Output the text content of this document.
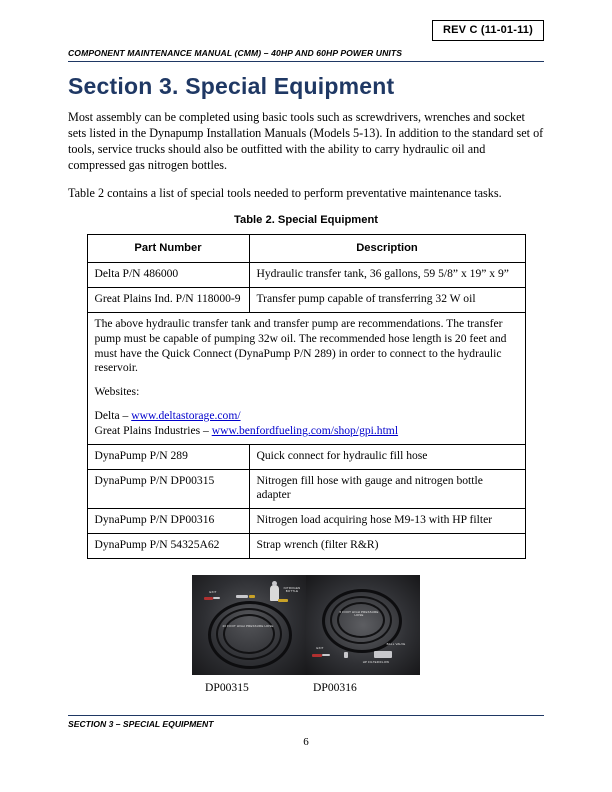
REV C (11-01-11)
COMPONENT MAINTENANCE MANUAL (CMM) – 40HP AND 60HP POWER UNITS
Section 3. Special Equipment

Most assembly can be completed using basic tools such as screwdrivers, wrenches and socket sets listed in the Dynapump Installation Manuals (Models 5-13). In addition to the standard set of tools, service trucks should also be outfitted with the ability to carry hydraulic oil and compressed gas nitrogen bottles.

Table 2 contains a list of special tools needed to perform preventative maintenance tasks.

Table 2. Special Equipment
Part Number	Description
Delta P/N 486000	Hydraulic transfer tank, 36 gallons, 59 5/8” x 19” x 9”
Great Plains Ind. P/N 118000-9	Transfer pump capable of transferring 32 W oil

The above hydraulic transfer tank and transfer pump are recommendations. The transfer pump must be capable of pumping 32w oil. The recommended hose length is 20 feet and must have the Quick Connect (DynaPump P/N 289) in order to connect to the hydraulic reservoir.

Websites:

Delta – www.deltastorage.com/

Great Plains Industries – www.benfordfueling.com/shop/gpi.html	

DynaPump P/N 289	Quick connect for hydraulic fill hose
DynaPump P/N DP00315	Nitrogen fill hose with gauge and nitrogen bottle adapter
DynaPump P/N DP00316	Nitrogen load acquiring hose M9-13 with HP filter
DynaPump P/N 54325A62	Strap wrench (filter R&R)
20 FOOT HIGH PRESSURE HOSE
EXIT
NITROGEN BOTTLE
6 FOOT HIGH PRESSURE HOSE
EXIT
BALL VALVE
HP FILTER/FLOW
DP00315	DP00316
SECTION 3 – SPECIAL EQUIPMENT
6
